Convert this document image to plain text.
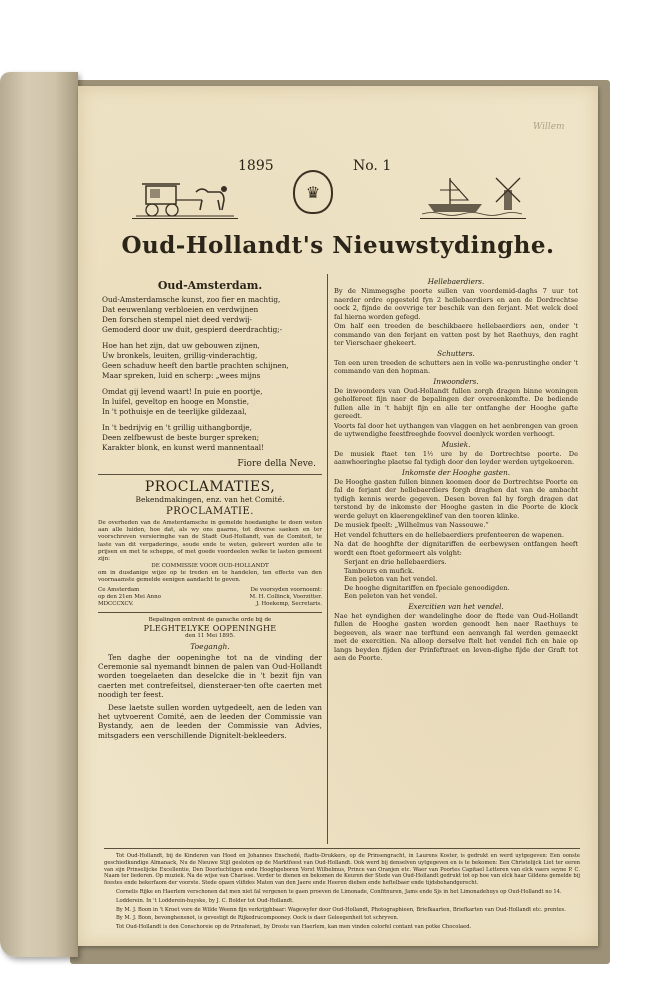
Willem
1895
♛
No. 1
Oud-Hollandt's Nieuwstydinghe.
Oud-Amsterdam.
Oud-Amsterdamsche kunst, zoo fier en machtig,
Dat eeuwenlang verbloeien en verdwijnen
Den forschen stempel niet deed verdwij-
Gemoderd door uw duit, gespierd deerdrachtig;-
Hoe han het zijn, dat uw gebouwen zijnen,
Uw bronkels, leuiten, grillig-vinderachtig,
Geen schaduw heeft den bartle prachten schijnen,
Maar spreken, luid en scherp: „wees mijns
Omdat gij levend waart! In puie en poortje,
In luifel, geveltop en hooge en Monstie,
In 't pothuisje en de teerlijke gildezaal,
In 't bedrijvig en 't grillig uithangbordje,
Deen zelfbewust de beste burger spreken;
Karakter blonk, en kunst werd mannentaal!
Fiore della Neve.
PROCLAMATIES,
Bekendmakingen, enz. van het Comité.
PROCLAMATIE.
De overheden van de Amsterdamsche in gemelde hoedanighe te doen weten aan alle luiden, hoe dat, als wy ons gaarne, tot diverse saeken en ter voorschreven versieringhe van de Stadt Oud-Hollandt, van de Comiteit, te laste van dit vergaderinge, soude ende te weten, gelevert worden alle te prijsen en met te scheppe, of met goede voordeelen welke te lasten gemeent zijn:
DE COMMISSIE VOOR OUD-HOLLANDT
om in dusdanige wijze op te treden en te handelen, ten effecte van den voornaamste gemelde eenigen aandacht te geven.
Ce Amsterdam
op den 21en Mei Anno
MDCCCXCV.
De voorsyden voornoemt:
M. H. Collinck, Voorzitter.
J. Hoekemp, Secretaris.
Bepalingen omtrent de gansche orde bij de
PLEGHTELYKE OOPENINGHE
den 11 Mei 1895.
Toegangh.
Ten daghe der oopeninghe tot na de vinding der Ceremonie sal nyemandt binnen de palen van Oud-Hollandt worden toegelaeten dan deselcke die in 't bezit fijn van caerten met contrefeitsel, diensteraer-ten ofte caerten met noodigh ter feest.
Dese laetste sullen worden uytgedeelt, aen de leden van het uytvoerent Comité, aen de leeden der Commissie van Bystandy, aen de leeden der Commissie van Advies, mitsgaders een verschillende Dignitelt-bekleeders.
Hellebaerdiers.

By de Nimmegsghe poorte sullen van voordemid-daghs 7 uur tot naerder ordre opgesteld fyn 2 hellebaerdiers en aen de Dordrechtse oock 2, fijnde de oovvrige ter beschik van den ferjant. Met welck doel fal hierna worden gefegd.

Om half een treeden de beschikbaere hellebaerdiers aen, onder 't commando van den ferjant en vatten post by het Raethuys, den raght ter Vierschaer ghekeert.

Schutters.

Ten een uren treeden de schutters aen in volle wa-penrustinghe onder 't commando van den hopman.

Inwoonders.

De inwoonders van Oud-Hollandt fullen zorgh dragen binne woningen geholfereet fijn naer de bepalingen der overeenkomfte. De bediende fullen alle in 't habijt fijn en alle ter ontfanghe der Hooghe gafte gereedt.

Voorts fal door het uythangen van vlaggen en het aenbrengen van groen de uytwendighe feestfreeghde foovvel doenlyck worden verhoogt.

Musiek.

De musiek ftaet ten 1½ ure by de Dortrechtse poorte. De aanwhoeringhe plaetse fal tydigh door den leyder werden uytgekoeren.

Inkomste der Hooghe gasten.

De Hooghe gasten fullen binnen koomen door de Dortrechtse Poorte en fal de ferjant der hellebaerdiers forgh draghen dat van de ambacht tydigh kennis werde gegeven. Desen boven fal hy forgh dragen dat terstond by de inkomste der Hooghe gasten in die Poorte de klock werde geluyt en klaerengeklinef van den tooren klinke.

De musiek fpeelt: „Wilhelmus van Nassouwe.”

Het vendel fchutters en de hellebaerdiers prefenteeren de wapenen.

Na dat de hooghfte der dignitariffen de eerbewysen ontfangen heeft wordt een ftoet geformeert als volght:

Serjant en drie hellebaerdiers.
Tambours en mufick.
Een peleton van het vendel.
De hooghe dignitariffen en fpeciale genoodigden.
Een peleton van het vendel.
Exercitien van het vendel.

Nae het eyndighen der wandelinghe door de ftede van Oud-Hollandt fullen de Hooghe gasten worden genoodt hen naer Raethuys te begeeven, als waer nae terftund een aenvangh fal werden gemaeckt met de exercitien. Na alloop derselve ftelt het vendel fich en haie op langs beyden fijden der Prinfeftraet en leven-dighe fijde der Graft tot aen de Poorte.

Tot Oud-Hollandt, bij de Kinderen van Hoed en Johannes Enschedé, ftadts-Drukkers, op de Prinsengracht, in Laurens Koster, is gedrukt en werd uytgegeven: Een oonste geschiedkundige Almanack, Nu de Nieuwe Stijl gesloten op de Marktfeest van Oud-Hollandt. Ook werd bij denselven uytgegeven en is te bekomen: Een Christelijck Liet ter eeren van sijn Prinselijcke Excellentie, Den Doorluchtigen ende Hooghgeboren Vorst Wilhelmus, Prince van Oranjen etc. Waer van Poortes Capitael Letteren van elck vaers seyne P. C. Naam ter liederen. Op muziek. Na de wijse van Charisse. Verder te dienen en bekomen de Keuren der Stede van Oud-Hollandt gedrukt tot op hoe van elck haar Gildens gemelde bij feestes ende bekerfaom der voorste. Stede opaen vlifides Maten van den Jaere ende Heeren dieben ende heftelbaer ende tijdsbehandgerecht.

Cornelis Rijke en Haerlem verschonen dat men niet fal vergenen te gaen proeven de Limonade, Confitnuren, Jams ende Sjs in het Limonadehuys op Oud-Hollandt no 14.

Lodderein. In 't Lodderein-huyske, by J. C. Bolder tot Oud-Hollandt.

By M. J. Boon in 't Kroet vore de Wilde Weenn fijn verkrijghbaar: Wagewyfer door Oud-Hollandt, Photographieen, Briefkaarten, Briefkarten van Oud-Hollandt etc. prentes.

By M. J. Boon, bevonghensnot, is gevestigt de Rijkedrucompooney. Oock is daer Geleegenheit tot schryven.

Tot Oud-Hollandt is den Conschoreie op de Prinsferaet, by Droste van Haerlem, kan men vinden colorfel contant van potke Chocolaed.
